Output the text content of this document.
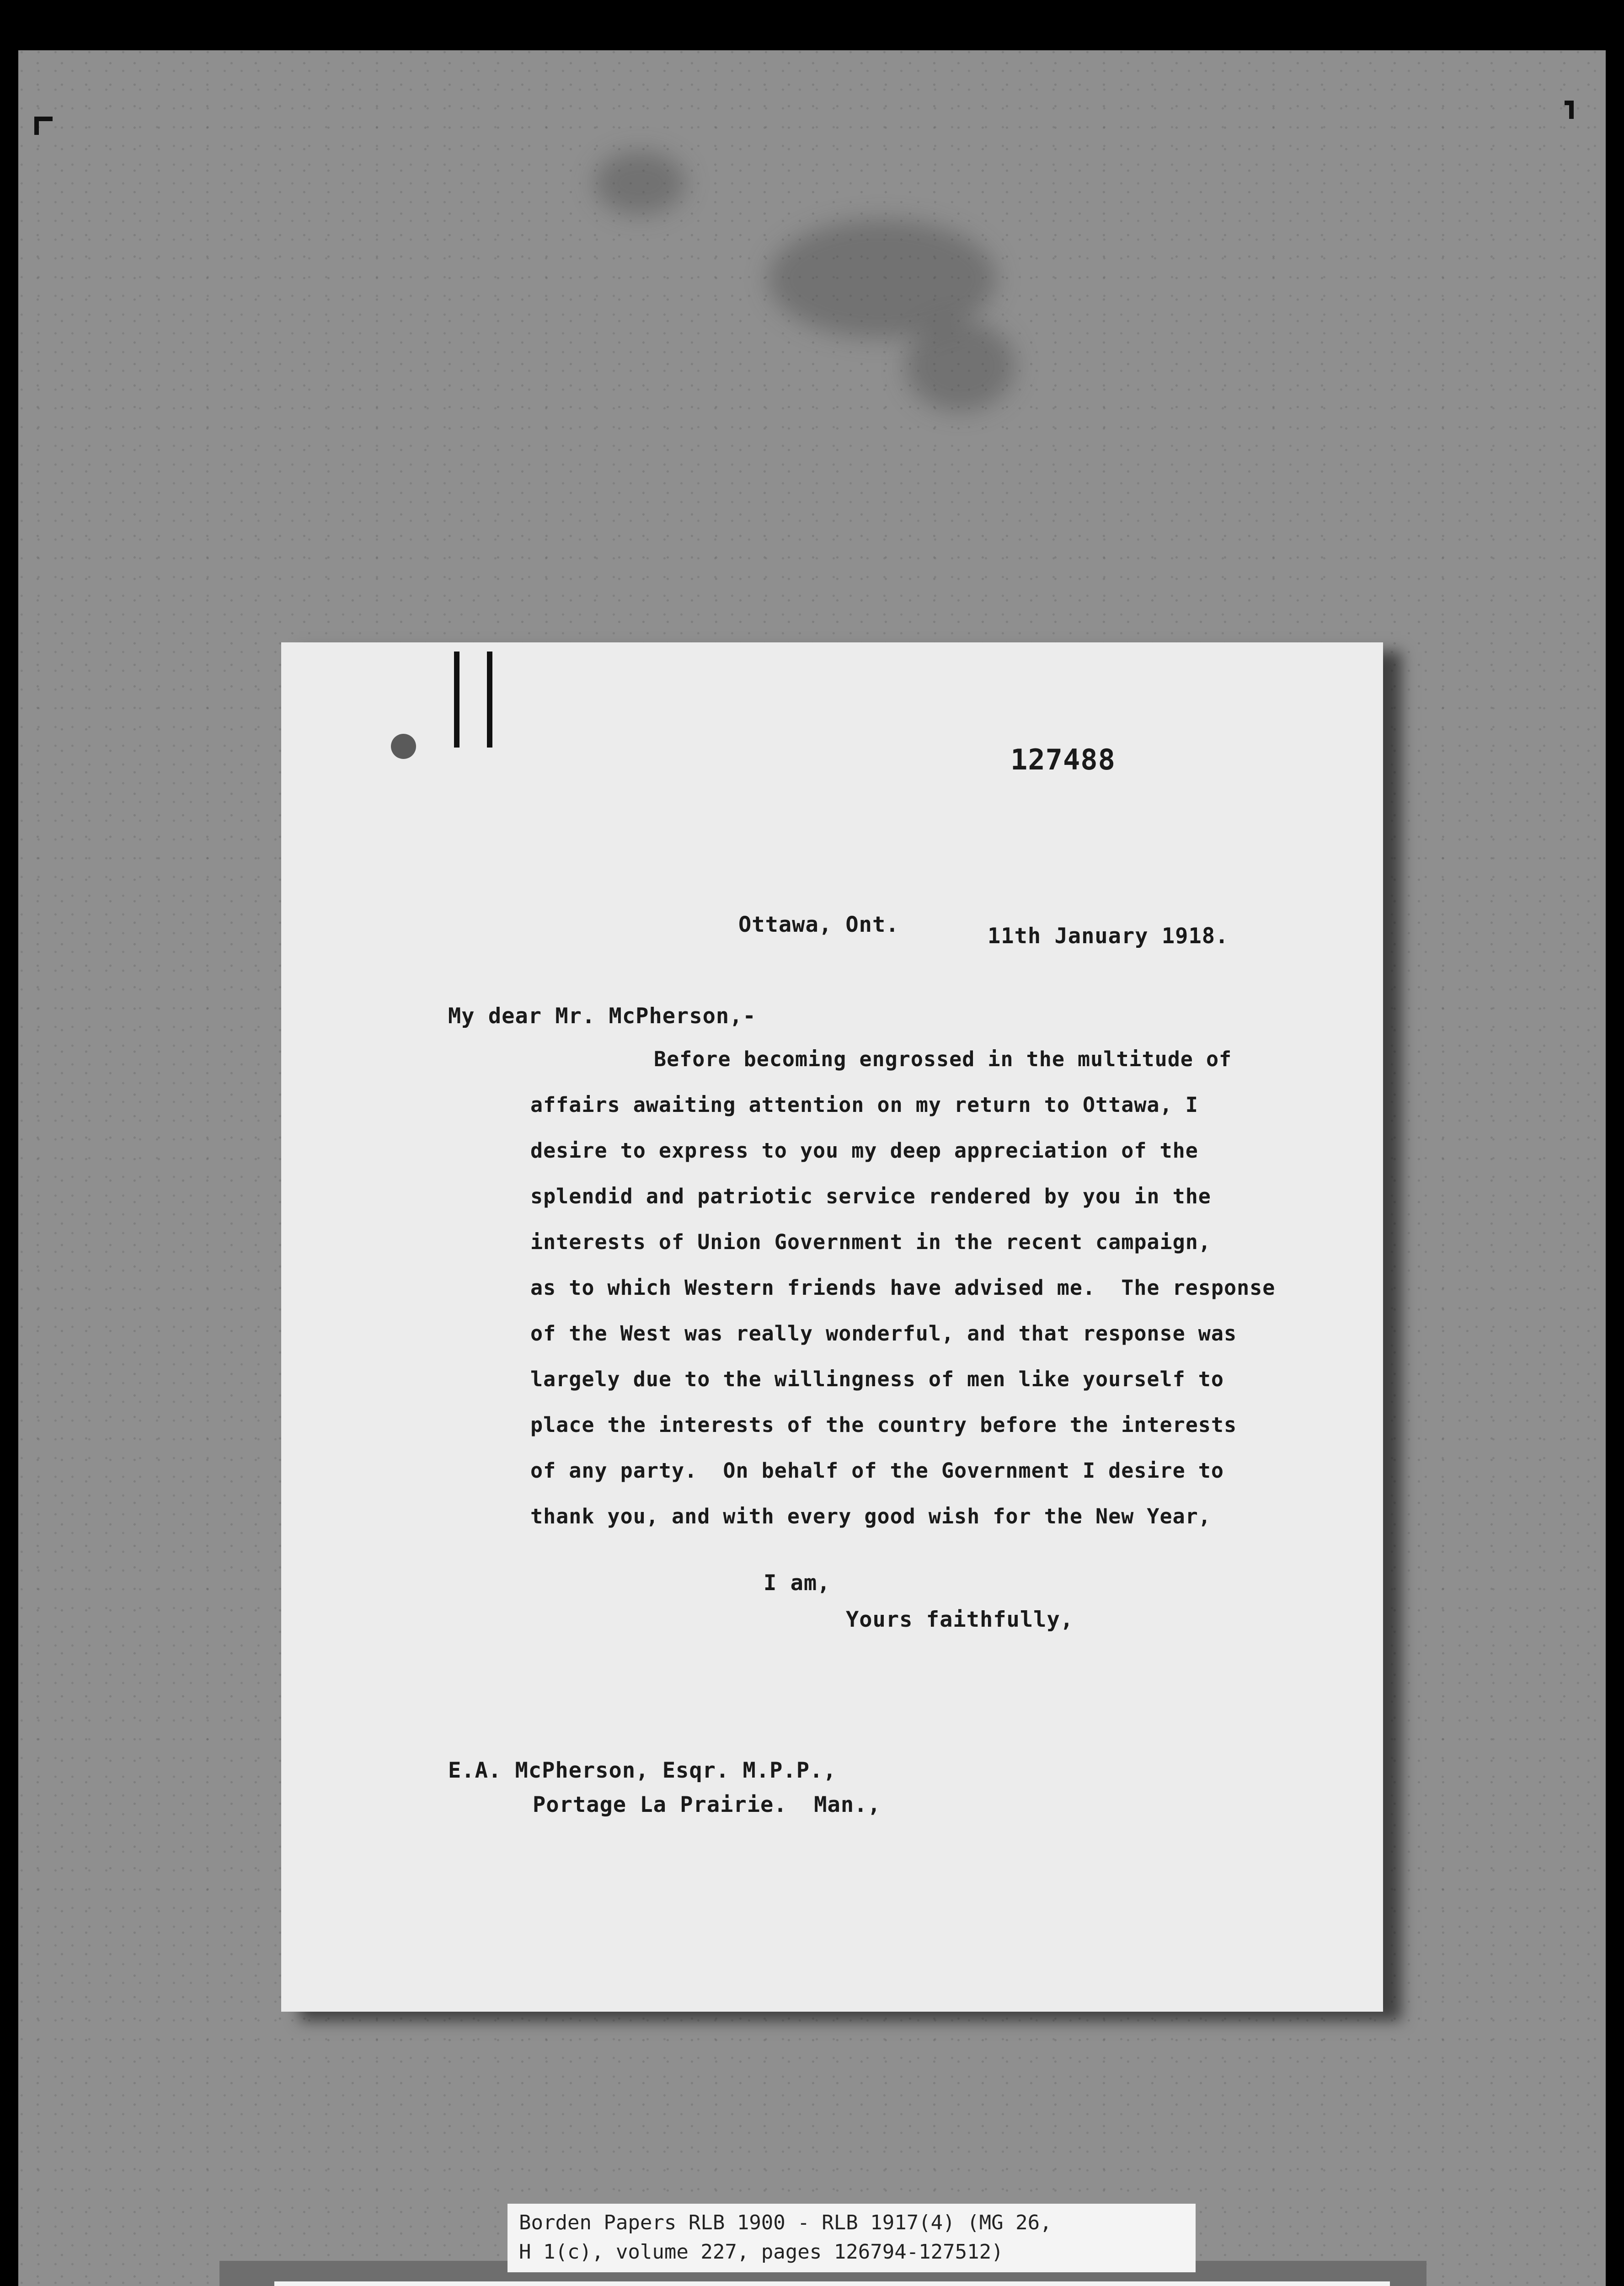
127488
Ottawa, Ont.	11th January 1918.
My dear Mr. McPherson,-
Before becoming engrossed in the multitude of
affairs awaiting attention on my return to Ottawa, I
desire to express to you my deep appreciation of the
splendid and patriotic service rendered by you in the
interests of Union Government in the recent campaign,
as to which Western friends have advised me.  The response
of the West was really wonderful, and that response was
largely due to the willingness of men like yourself to
place the interests of the country before the interests
of any party.  On behalf of the Government I desire to
thank you, and with every good wish for the New Year,
I am,
Yours faithfully,
E.A. McPherson, Esqr. M.P.P.,
Portage La Prairie.  Man.,
Borden Papers RLB 1900 - RLB 1917(4) (MG 26,
H 1(c), volume 227, pages 126794-127512)
